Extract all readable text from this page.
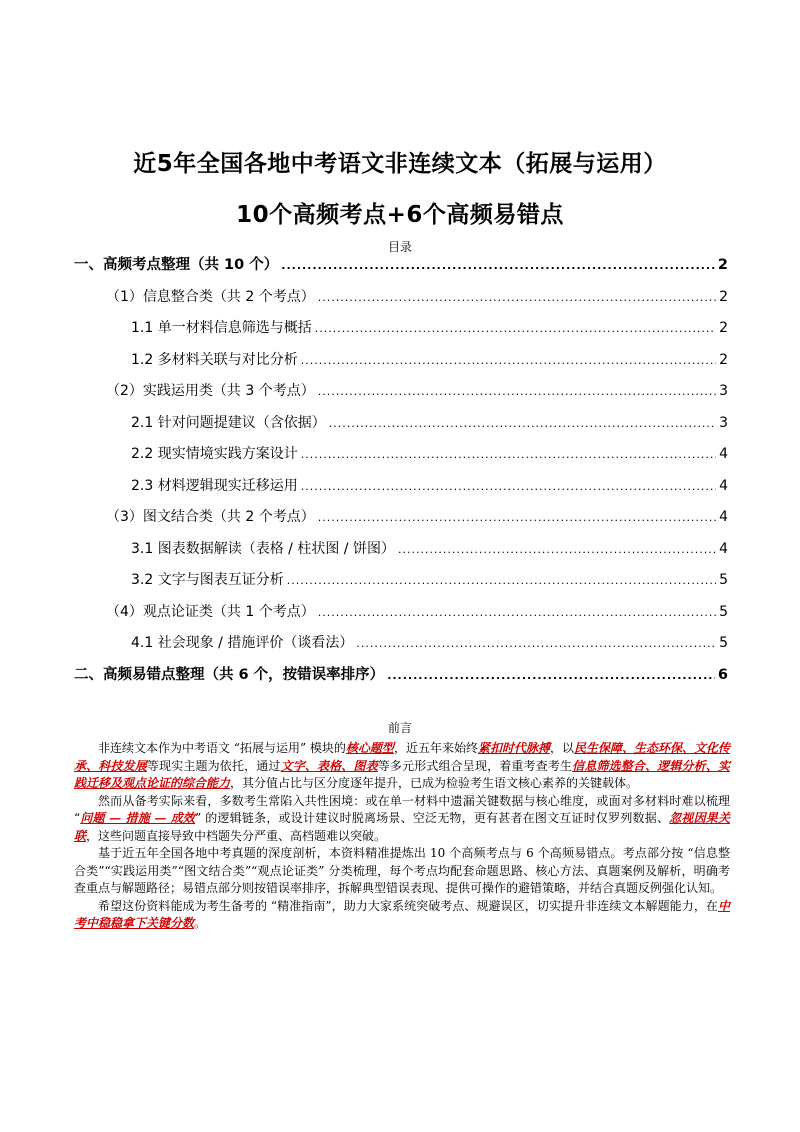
近5年全国各地中考语文非连续文本（拓展与运用）
10个高频考点+6个高频易错点
目录
一、高频考点整理（共 10 个） .....	2
（1）信息整合类（共 2 个考点） .....	2
1.1 单一材料信息筛选与概括 .....	2
1.2 多材料关联与对比分析 .....	2
（2）实践运用类（共 3 个考点） .....	3
2.1 针对问题提建议（含依据） .....	3
2.2 现实情境实践方案设计 .....	4
2.3 材料逻辑现实迁移运用 .....	4
（3）图文结合类（共 2 个考点） .....	4
3.1 图表数据解读（表格 / 柱状图 / 饼图） .....	4
3.2 文字与图表互证分析 .....	5
（4）观点论证类（共 1 个考点） .....	5
4.1 社会现象 / 措施评价（谈看法） .....	5
二、高频易错点整理（共 6 个，按错误率排序） .....	6
前言

非连续文本作为中考语文 “拓展与运用” 模块的核心题型，近五年来始终紧扣时代脉搏，以民生保障、生态环保、文化传承、科技发展等现实主题为依托，通过文字、表格、图表等多元形式组合呈现，着重考查考生信息筛选整合、逻辑分析、实践迁移及观点论证的综合能力，其分值占比与区分度逐年提升，已成为检验考生语文核心素养的关键载体。

然而从备考实际来看，多数考生常陷入共性困境：或在单一材料中遗漏关键数据与核心维度，或面对多材料时难以梳理 “问题 — 措施 — 成效” 的逻辑链条，或设计建议时脱离场景、空泛无物，更有甚者在图文互证时仅罗列数据、忽视因果关联，这些问题直接导致中档题失分严重、高档题难以突破。

基于近五年全国各地中考真题的深度剖析，本资料精准提炼出 10 个高频考点与 6 个高频易错点。考点部分按 “信息整合类”“实践运用类”“图文结合类”“观点论证类” 分类梳理，每个考点均配套命题思路、核心方法、真题案例及解析，明确考查重点与解题路径；易错点部分则按错误率排序，拆解典型错误表现、提供可操作的避错策略，并结合真题反例强化认知。

希望这份资料能成为考生备考的 “精准指南”，助力大家系统突破考点、规避误区，切实提升非连续文本解题能力，在中考中稳稳拿下关键分数。
